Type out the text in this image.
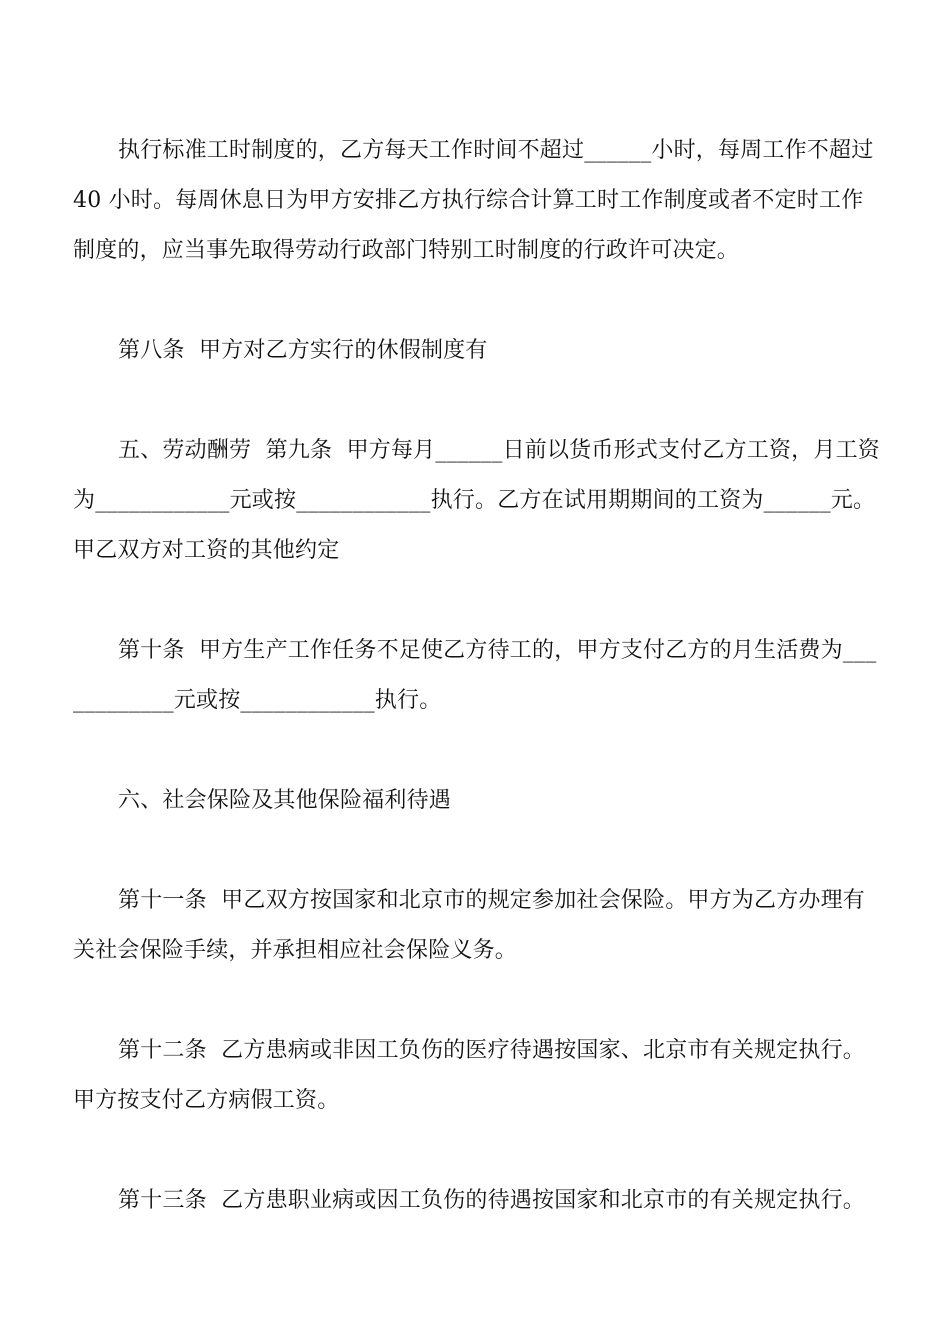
执行标准工时制度的，乙方每天工作时间不超过______小时，每周工作不超过
40 小时。每周休息日为甲方安排乙方执行综合计算工时工作制度或者不定时工作
制度的，应当事先取得劳动行政部门特别工时制度的行政许可决定。
第八条  甲方对乙方实行的休假制度有
五、劳动酬劳  第九条  甲方每月______日前以货币形式支付乙方工资，月工资
为____________元或按____________执行。乙方在试用期期间的工资为______元。
甲乙双方对工资的其他约定
第十条  甲方生产工作任务不足使乙方待工的，甲方支付乙方的月生活费为___
_________元或按____________执行。
六、社会保险及其他保险福利待遇
第十一条  甲乙双方按国家和北京市的规定参加社会保险。甲方为乙方办理有
关社会保险手续，并承担相应社会保险义务。
第十二条  乙方患病或非因工负伤的医疗待遇按国家、北京市有关规定执行。
甲方按支付乙方病假工资。
第十三条  乙方患职业病或因工负伤的待遇按国家和北京市的有关规定执行。
